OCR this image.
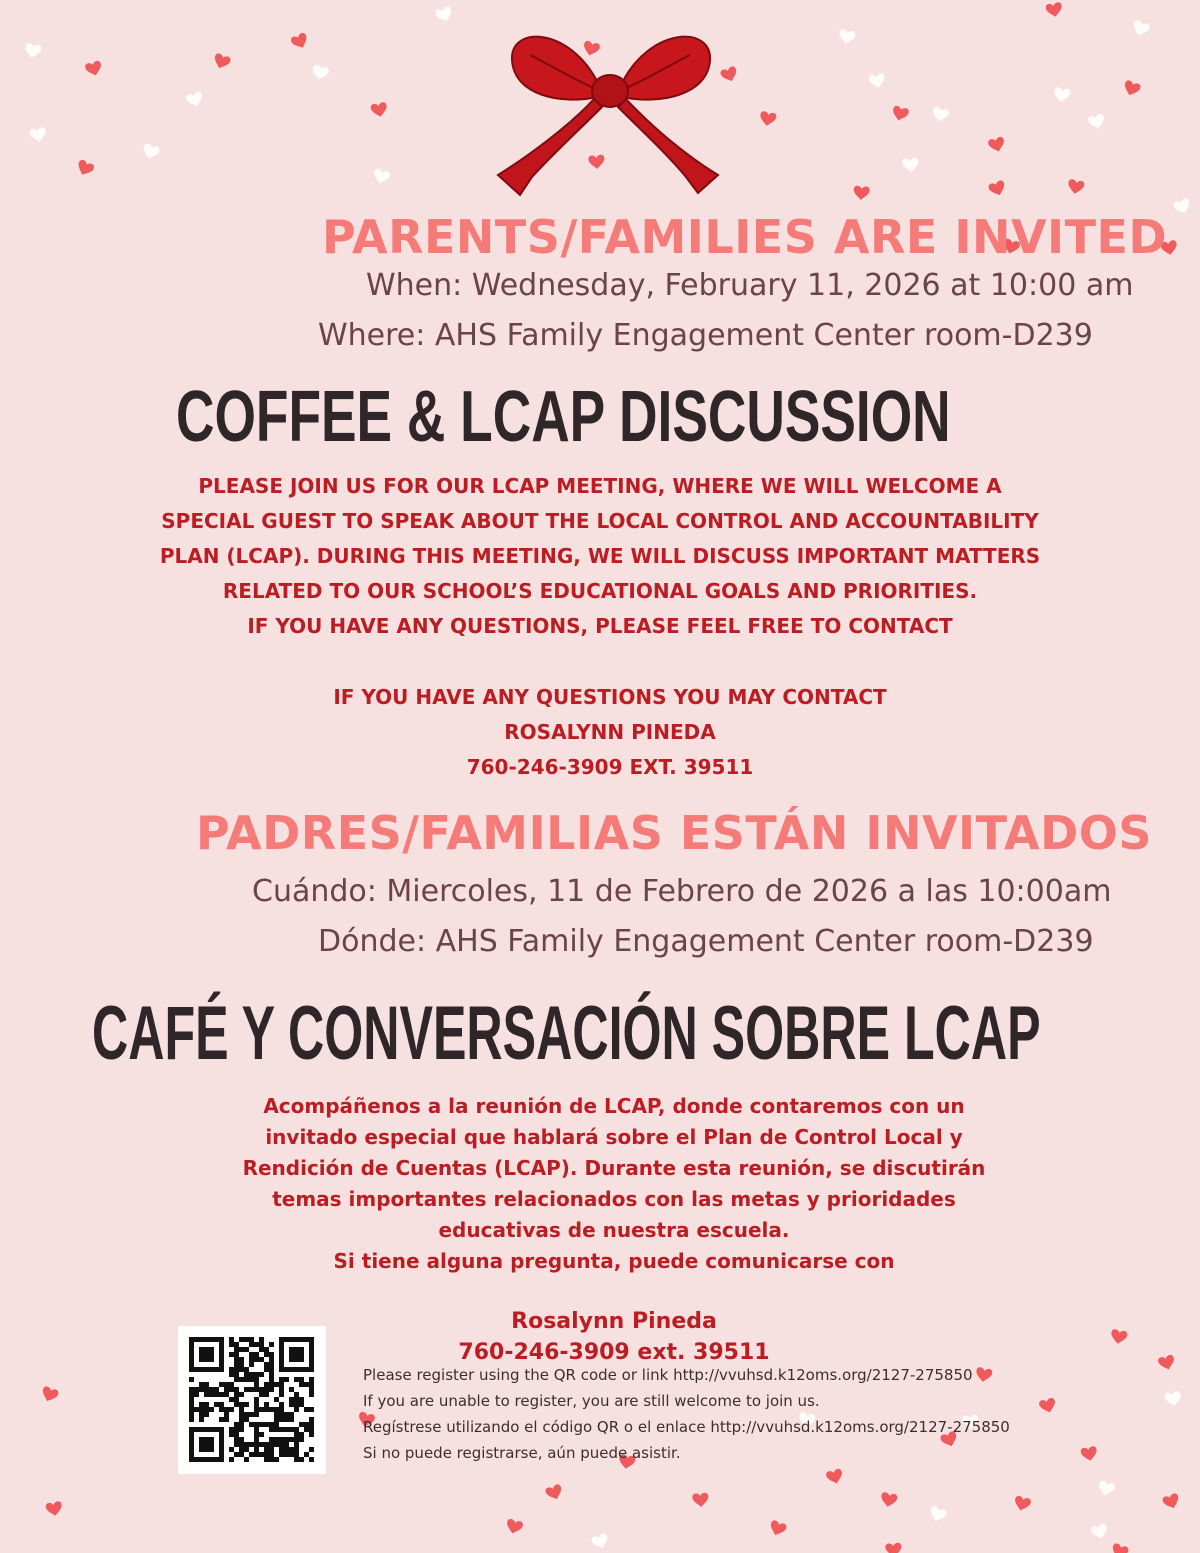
PARENTS/FAMILIES ARE INVITED

When: Wednesday, February 11, 2026 at 10:00 am

Where: AHS Family Engagement Center room-D239

COFFEE & LCAP DISCUSSION
PLEASE JOIN US FOR OUR LCAP MEETING, WHERE WE WILL WELCOME A
SPECIAL GUEST TO SPEAK ABOUT THE LOCAL CONTROL AND ACCOUNTABILITY
PLAN (LCAP). DURING THIS MEETING, WE WILL DISCUSS IMPORTANT MATTERS
RELATED TO OUR SCHOOL’S EDUCATIONAL GOALS AND PRIORITIES.
IF YOU HAVE ANY QUESTIONS, PLEASE FEEL FREE TO CONTACT
IF YOU HAVE ANY QUESTIONS YOU MAY CONTACT
ROSALYNN PINEDA
760-246-3909 EXT. 39511
PADRES/FAMILIAS ESTÁN INVITADOS

Cuándo: Miercoles, 11 de Febrero de 2026 a las 10:00am

Dónde: AHS Family Engagement Center room-D239

CAFÉ Y CONVERSACIÓN SOBRE LCAP
Acompáñenos a la reunión de LCAP, donde contaremos con un
invitado especial que hablará sobre el Plan de Control Local y
Rendición de Cuentas (LCAP). Durante esta reunión, se discutirán
temas importantes relacionados con las metas y prioridades
educativas de nuestra escuela.
Si tiene alguna pregunta, puede comunicarse con
Rosalynn Pineda
760-246-3909 ext. 39511
Please register using the QR code or link http://vvuhsd.k12oms.org/2127-275850
If you are unable to register, you are still welcome to join us.
Regístrese utilizando el código QR o el enlace http://vvuhsd.k12oms.org/2127-275850
Si no puede registrarse, aún puede asistir.
